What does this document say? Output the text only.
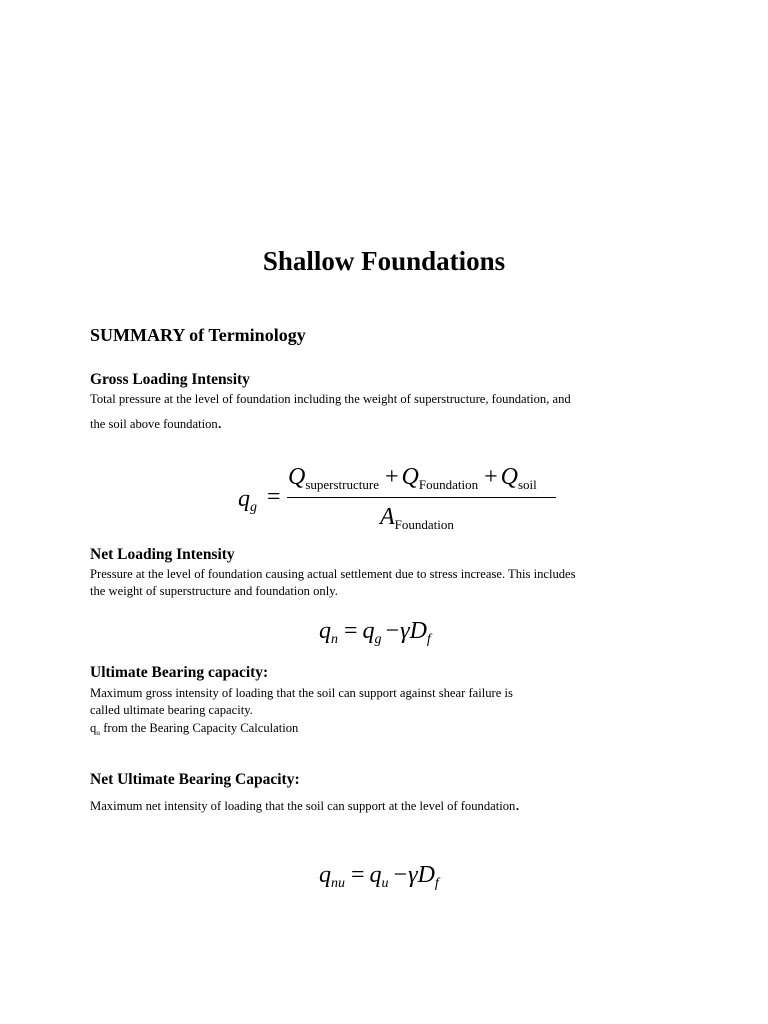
Shallow Foundations
SUMMARY of Terminology
Gross Loading Intensity
Total pressure at the level of foundation including the weight of superstructure, foundation, and
the soil above foundation.
$q_g$ =
$Q_{superstructure} + Q_{Foundation} + Q_{soil}$
$A_{Foundation}$
Net Loading Intensity
Pressure at the level of foundation causing actual settlement due to stress increase. This includes
the weight of superstructure and foundation only.
$q_n = q_g -\gamma D_f$
Ultimate Bearing capacity:
Maximum gross intensity of loading that the soil can support against shear failure is
called ultimate bearing capacity.
$q_u$ from the Bearing Capacity Calculation
Net Ultimate Bearing Capacity:
Maximum net intensity of loading that the soil can support at the level of foundation.
$q_{nu} = q_u -\gamma D_f$
